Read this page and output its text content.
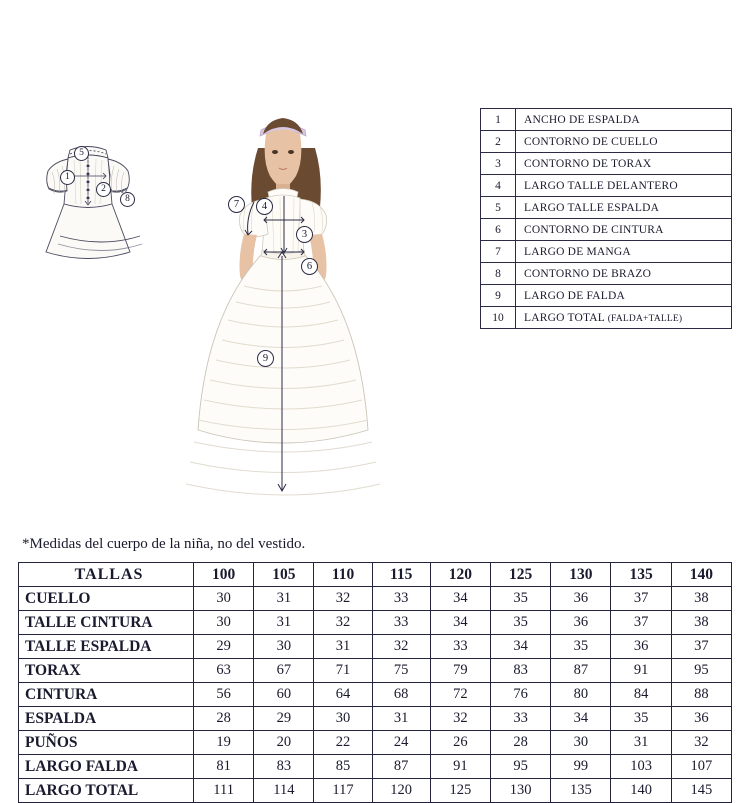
5
1
2
8	7	4
3
6
9
1	ANCHO DE ESPALDA
2	CONTORNO DE CUELLO
3	CONTORNO DE TORAX
4	LARGO TALLE DELANTERO
5	LARGO TALLE ESPALDA
6	CONTORNO DE CINTURA
7	LARGO DE MANGA
8	CONTORNO DE BRAZO
9	LARGO DE FALDA
10	LARGO TOTAL (FALDA+TALLE)
*Medidas del cuerpo de la niña, no del vestido.
TALLAS	100	105	110	115	120	125	130	135	140
CUELLO	30	31	32	33	34	35	36	37	38
TALLE CINTURA	30	31	32	33	34	35	36	37	38
TALLE ESPALDA	29	30	31	32	33	34	35	36	37
TORAX	63	67	71	75	79	83	87	91	95
CINTURA	56	60	64	68	72	76	80	84	88
ESPALDA	28	29	30	31	32	33	34	35	36
PUÑOS	19	20	22	24	26	28	30	31	32
LARGO FALDA	81	83	85	87	91	95	99	103	107
LARGO TOTAL	111	114	117	120	125	130	135	140	145
